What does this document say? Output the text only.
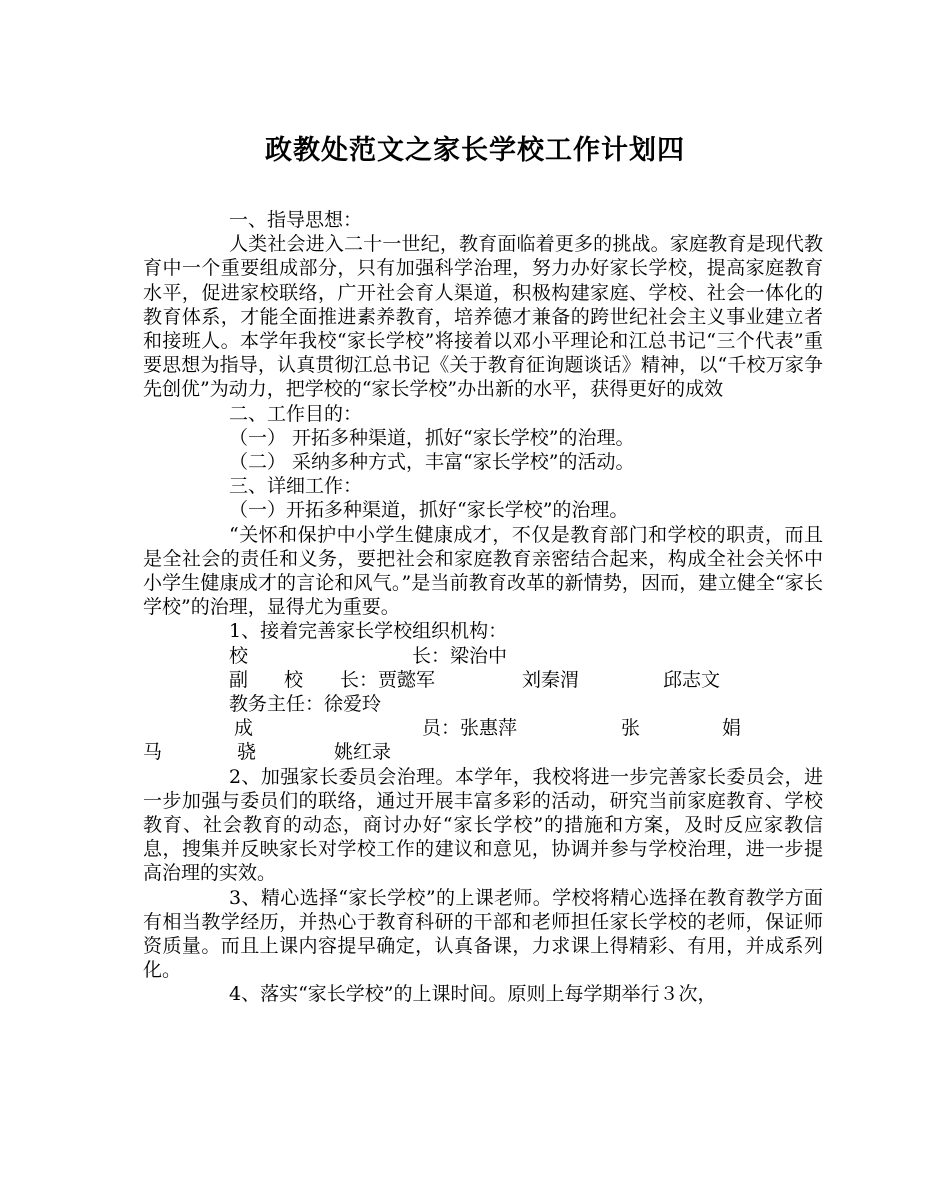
政教处范文之家长学校工作计划四

一、指导思想：

人类社会进入二十一世纪，教育面临着更多的挑战。家庭教育是现代教育中一个重要组成部分，只有加强科学治理，努力办好家长学校，提高家庭教育水平，促进家校联络，广开社会育人渠道，积极构建家庭、学校、社会一体化的教育体系，才能全面推进素养教育，培养德才兼备的跨世纪社会主义事业建立者和接班人。本学年我校“家长学校”将接着以邓小平理论和江总书记“三个代表”重要思想为指导，认真贯彻江总书记《关于教育征询题谈话》精神，以“千校万家争先创优”为动力，把学校的“家长学校”办出新的水平，获得更好的成效

二、工作目的：

（一） 开拓多种渠道，抓好“家长学校”的治理。

（二） 采纳多种方式，丰富“家长学校”的活动。

三、详细工作：

（一）开拓多种渠道，抓好“家长学校”的治理。

“关怀和保护中小学生健康成才，不仅是教育部门和学校的职责，而且是全社会的责任和义务，要把社会和家庭教育亲密结合起来，构成全社会关怀中小学生健康成才的言论和风气。”是当前教育改革的新情势，因而，建立健全“家长学校”的治理，显得尤为重要。

1、接着完善家长学校组织机构：

校	长：梁治中
副 校 长：贾懿军	刘秦渭	邱志文
教务主任：徐爱玲
成	员：张惠萍	张	娟
马	骁	姚红录

2、加强家长委员会治理。本学年，我校将进一步完善家长委员会，进一步加强与委员们的联络，通过开展丰富多彩的活动，研究当前家庭教育、学校教育、社会教育的动态，商讨办好“家长学校”的措施和方案，及时反应家教信息，搜集并反映家长对学校工作的建议和意见，协调并参与学校治理，进一步提高治理的实效。

3、精心选择“家长学校”的上课老师。学校将精心选择在教育教学方面有相当教学经历，并热心于教育科研的干部和老师担任家长学校的老师，保证师资质量。而且上课内容提早确定，认真备课，力求课上得精彩、有用，并成系列化。

4、落实“家长学校”的上课时间。原则上每学期举行３次，
